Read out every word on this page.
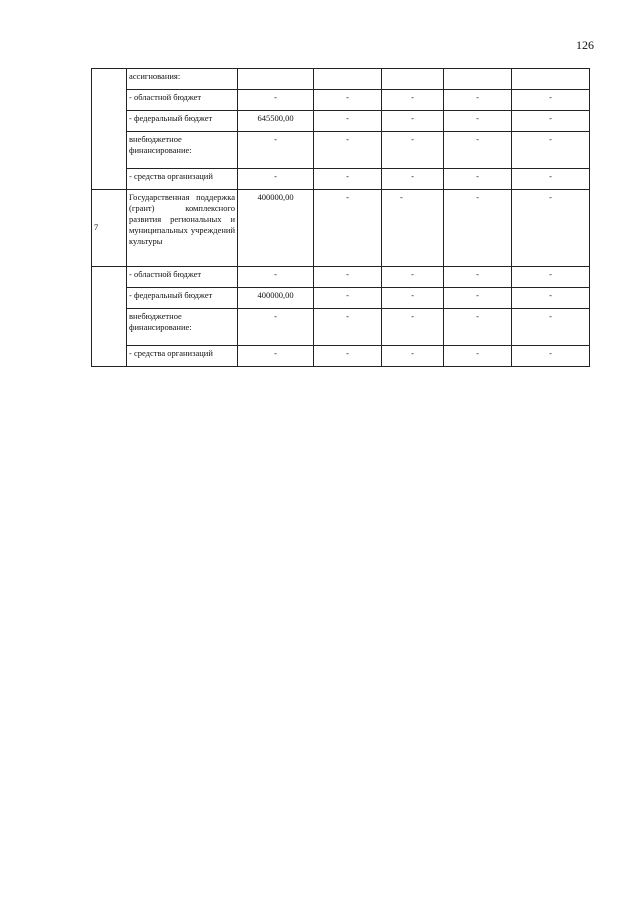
126
	ассигнования:					
	- областной бюджет	-	-	-	-	-
	- федеральный бюджет	645500,00	-	-	-	-
	внебюджетное финансирование:	-	-	-	-	-
	- средства организаций	-	-	-	-	-
7	Государственная поддержка (грант) комплексного развития региональных и муниципальных учреждений культуры	400000,00	-	-	-	-
	- областной бюджет	-	-	-	-	-
	- федеральный бюджет	400000,00	-	-	-	-
	внебюджетное финансирование:	-	-	-	-	-
	- средства организаций	-	-	-	-	-
